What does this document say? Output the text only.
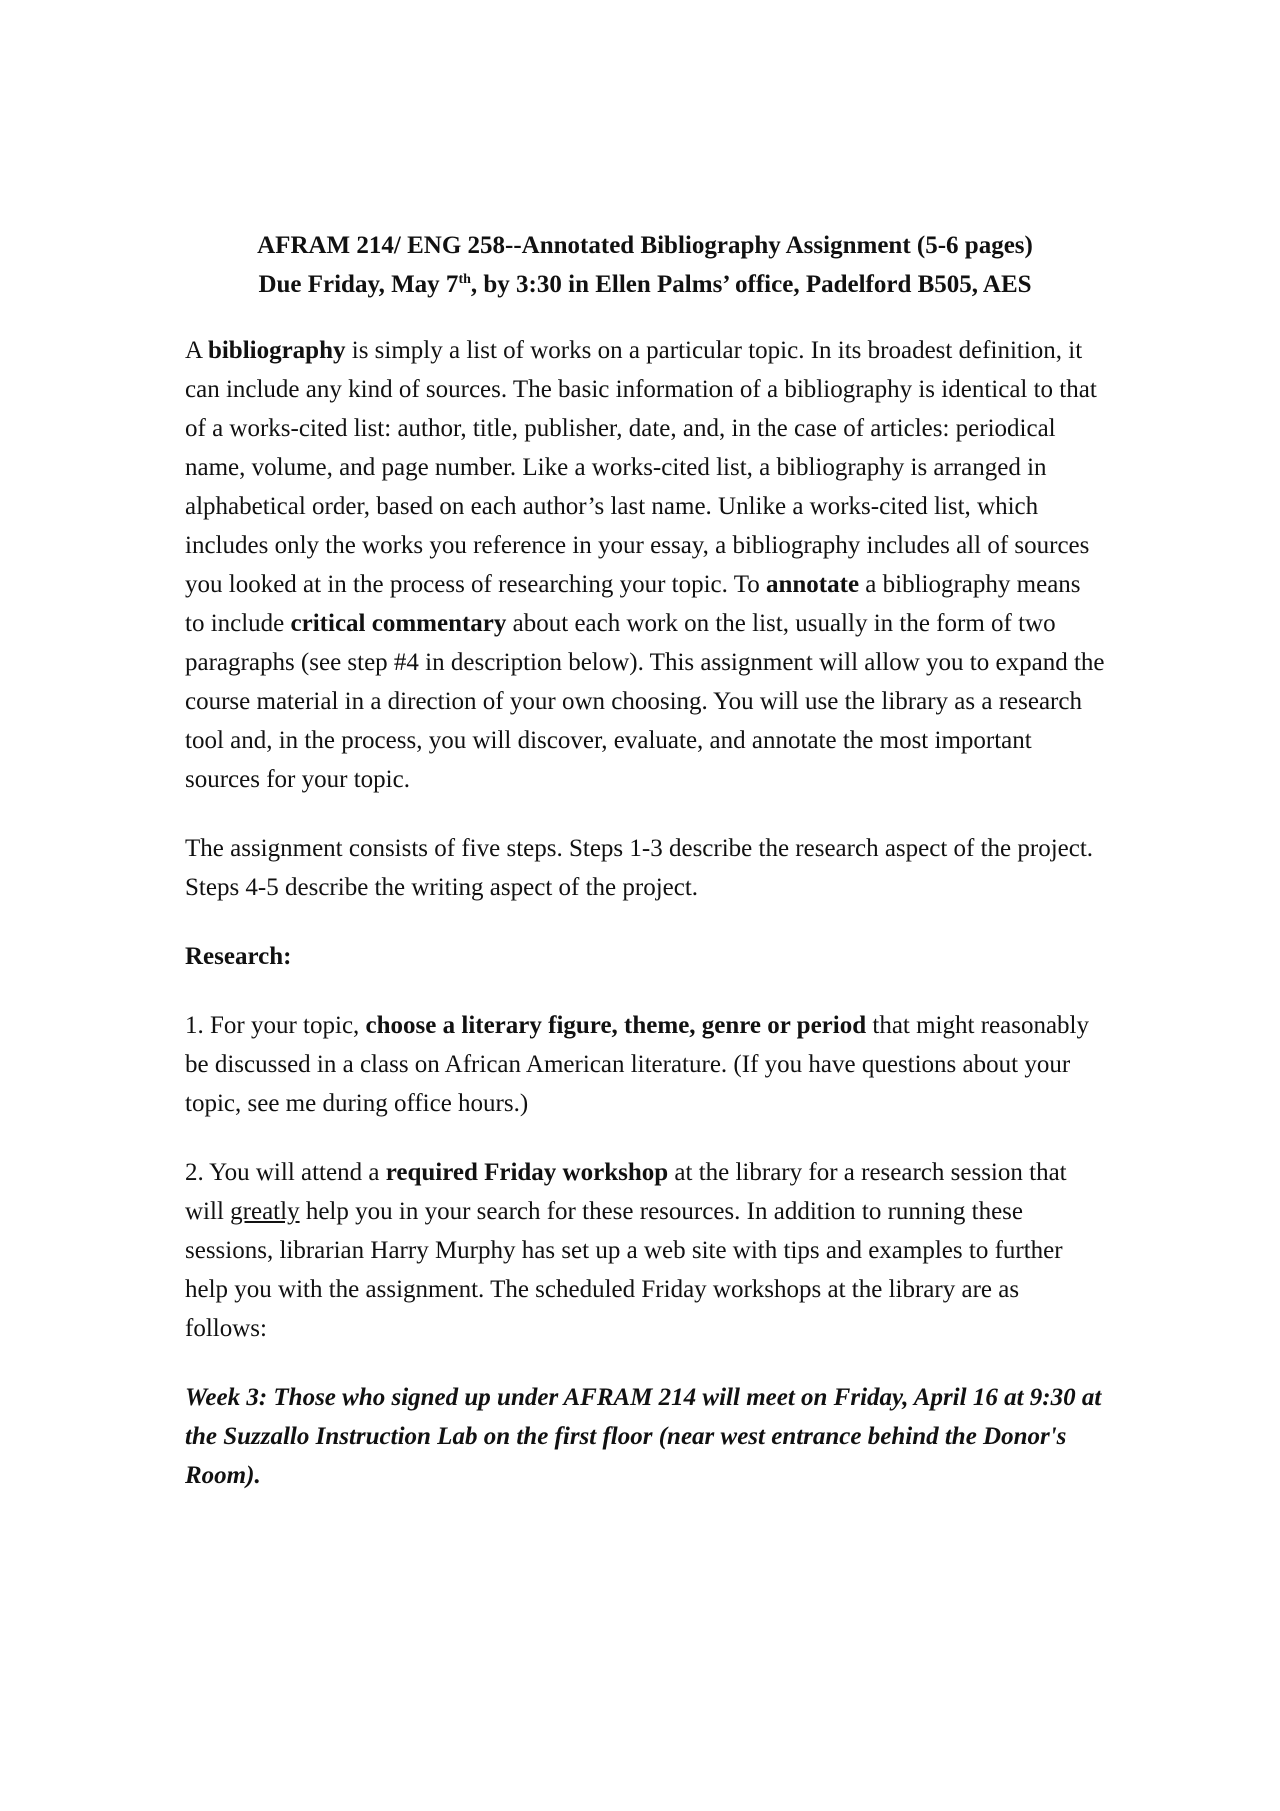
AFRAM 214/ ENG 258--Annotated Bibliography Assignment (5-6 pages)
Due Friday, May 7th, by 3:30 in Ellen Palms’ office, Padelford B505, AES

A bibliography is simply a list of works on a particular topic. In its broadest definition, it can include any kind of sources. The basic information of a bibliography is identical to that of a works-cited list: author, title, publisher, date, and, in the case of articles: periodical name, volume, and page number. Like a works-cited list, a bibliography is arranged in alphabetical order, based on each author’s last name. Unlike a works-cited list, which includes only the works you reference in your essay, a bibliography includes all of sources you looked at in the process of researching your topic. To annotate a bibliography means to include critical commentary about each work on the list, usually in the form of two paragraphs (see step #4 in description below). This assignment will allow you to expand the course material in a direction of your own choosing. You will use the library as a research tool and, in the process, you will discover, evaluate, and annotate the most important sources for your topic.

The assignment consists of five steps. Steps 1-3 describe the research aspect of the project. Steps 4-5 describe the writing aspect of the project.

Research:

1. For your topic, choose a literary figure, theme, genre or period that might reasonably be discussed in a class on African American literature. (If you have questions about your topic, see me during office hours.)

2. You will attend a required Friday workshop at the library for a research session that will greatly help you in your search for these resources. In addition to running these sessions, librarian Harry Murphy has set up a web site with tips and examples to further help you with the assignment. The scheduled Friday workshops at the library are as follows:

Week 3: Those who signed up under AFRAM 214 will meet on Friday, April 16 at 9:30 at the Suzzallo Instruction Lab on the first floor (near west entrance behind the Donor's Room).
